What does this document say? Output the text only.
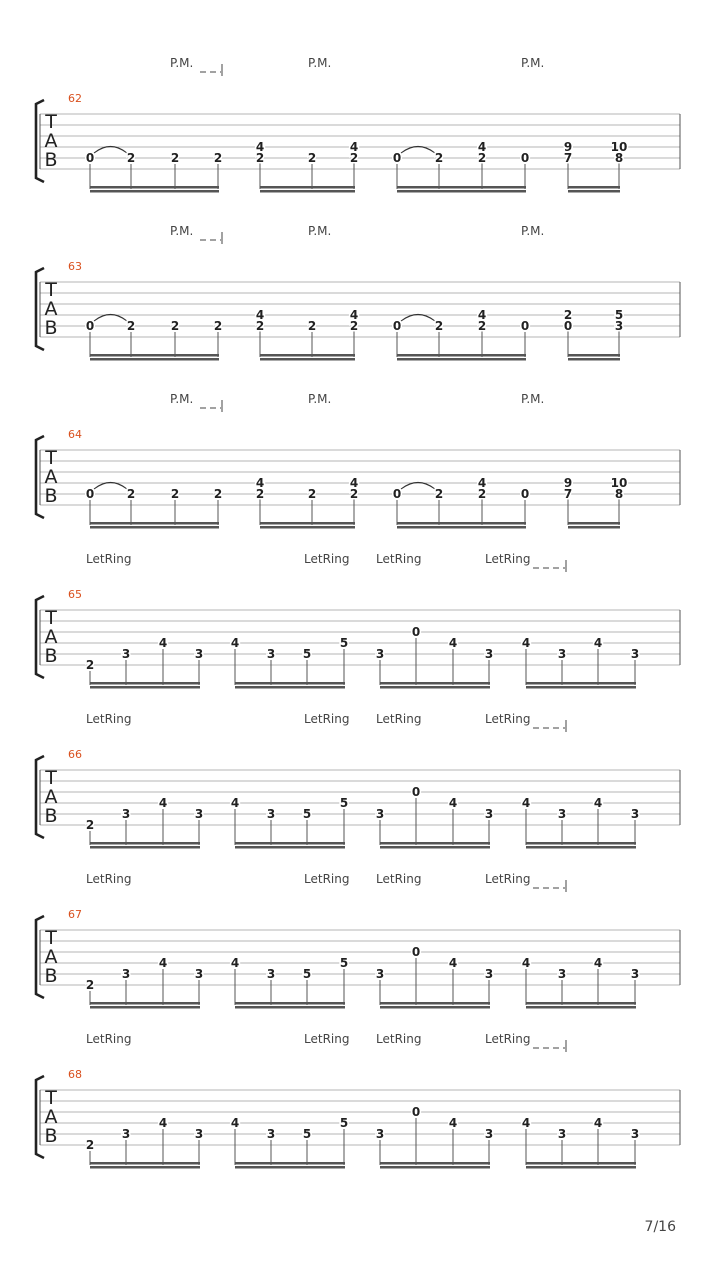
T
A
B
62
P.M.	P.M.	P.M.
0	2	2	2
4
2	2
4
2	0	2
4
2	0
9
7
10
8
T
A
B
63
P.M.	P.M.	P.M.
0	2	2	2
4
2	2
4
2	0	2
4
2	0
2
0
5
3
T
A
B
64
P.M.	P.M.	P.M.
0	2	2	2
4
2	2
4
2	0	2
4
2	0
9
7
10
8
T
A
B
65
LetRing	LetRing LetRing	LetRing
2
3
4
3
4
3 5
5
3
0
4
3
4
3
4
3
T
A
B
66
LetRing	LetRing LetRing	LetRing
2
3
4
3
4
3 5
5
3
0
4
3
4
3
4
3
T
A
B
67
LetRing	LetRing LetRing	LetRing
2
3
4
3
4
3 5
5
3
0
4
3
4
3
4
3
T
A
B
68
LetRing	LetRing LetRing	LetRing
2
3
4
3
4
3 5
5
3
0
4
3
4
3
4
3
7/16
